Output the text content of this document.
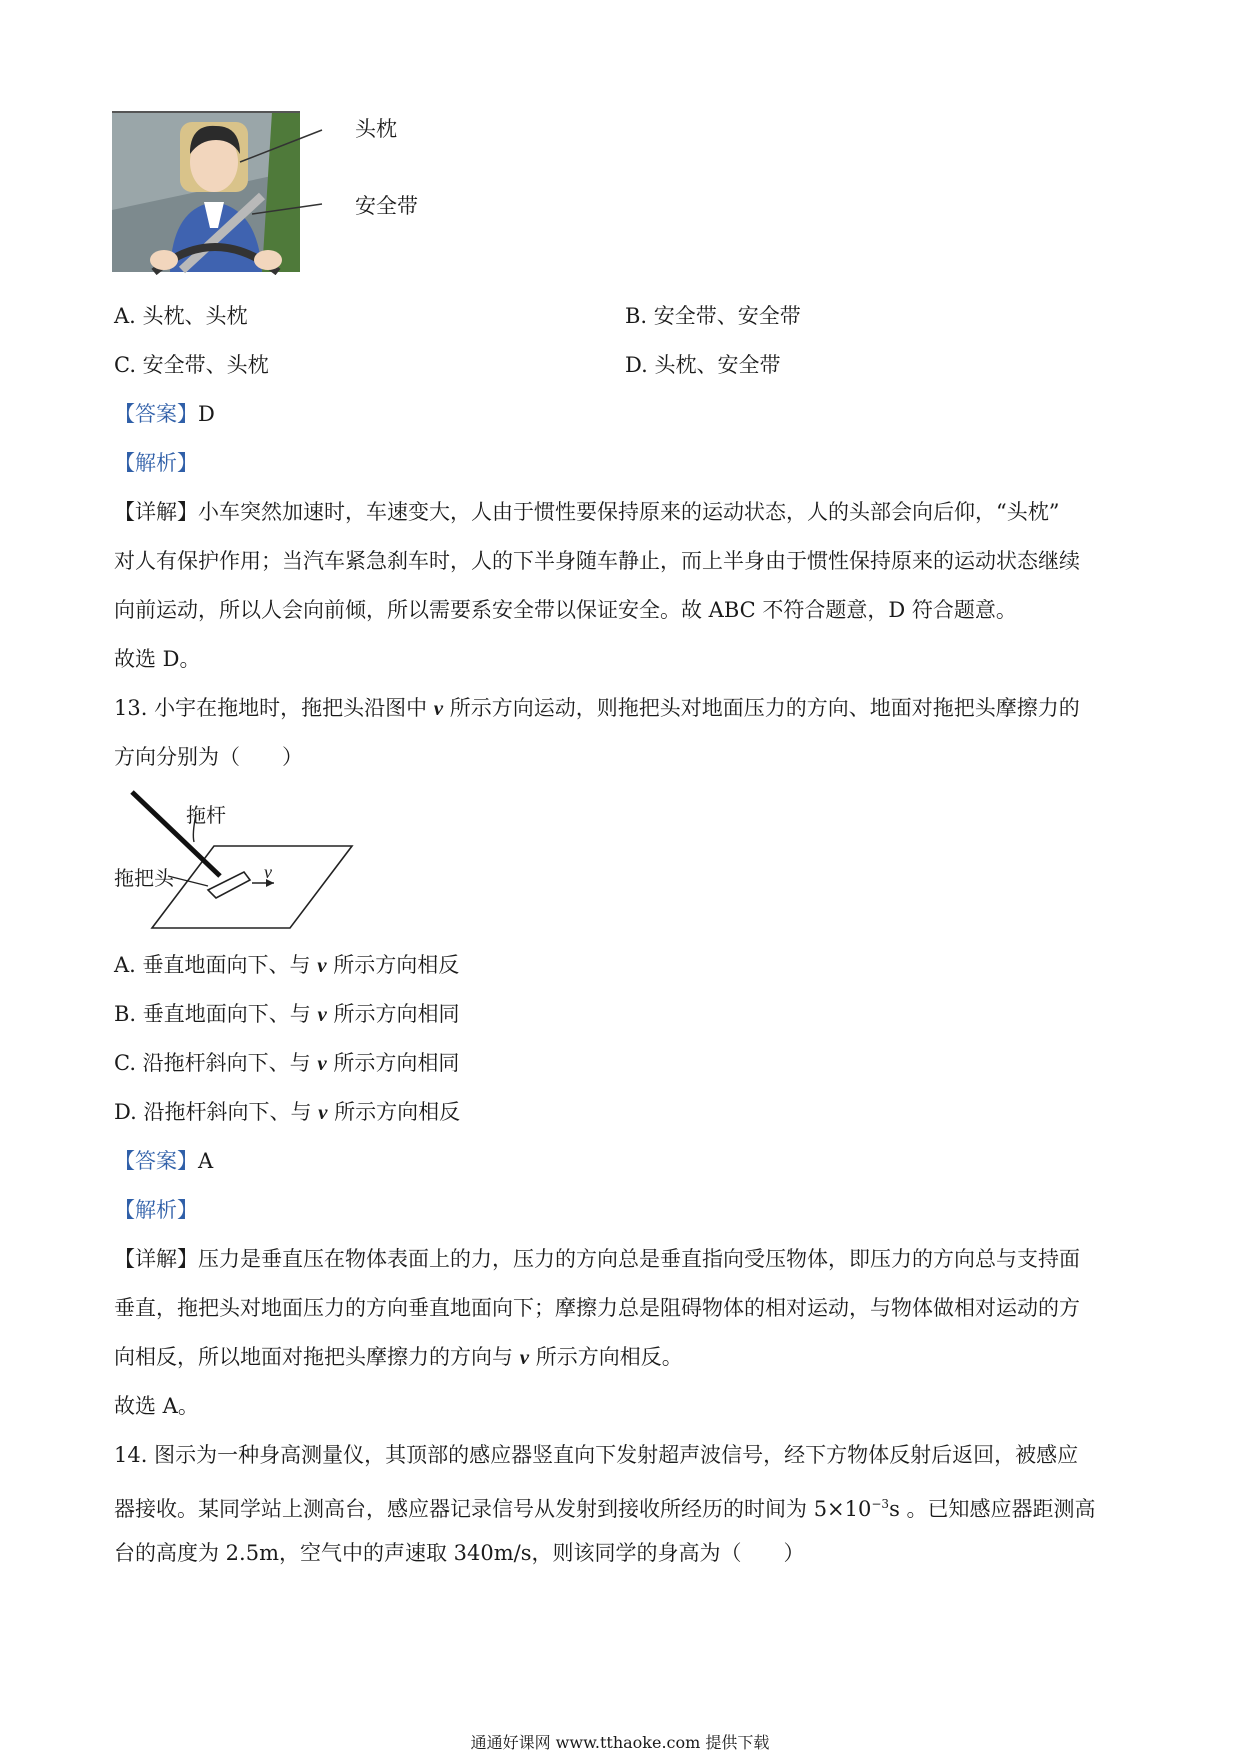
头枕
安全带
A. 头枕、头枕	B. 安全带、安全带
C. 安全带、头枕	D. 头枕、安全带
【答案】D
【解析】
【详解】小车突然加速时，车速变大，人由于惯性要保持原来的运动状态，人的头部会向后仰，“头枕”
对人有保护作用；当汽车紧急刹车时，人的下半身随车静止，而上半身由于惯性保持原来的运动状态继续
向前运动，所以人会向前倾，所以需要系安全带以保证安全。故 ABC 不符合题意，D 符合题意。
故选 D。
13. 小宇在拖地时，拖把头沿图中 v 所示方向运动，则拖把头对地面压力的方向、地面对拖把头摩擦力的
方向分别为（　　）
拖杆
拖把头	v
A. 垂直地面向下、与 v 所示方向相反
B. 垂直地面向下、与 v 所示方向相同
C. 沿拖杆斜向下、与 v 所示方向相同
D. 沿拖杆斜向下、与 v 所示方向相反
【答案】A
【解析】
【详解】压力是垂直压在物体表面上的力，压力的方向总是垂直指向受压物体，即压力的方向总与支持面
垂直，拖把头对地面压力的方向垂直地面向下；摩擦力总是阻碍物体的相对运动，与物体做相对运动的方
向相反，所以地面对拖把头摩擦力的方向与 v 所示方向相反。
故选 A。
14. 图示为一种身高测量仪，其顶部的感应器竖直向下发射超声波信号，经下方物体反射后返回，被感应
器接收。某同学站上测高台，感应器记录信号从发射到接收所经历的时间为 $5\times 10^{-3}s$ 。已知感应器距测高
台的高度为 2.5m，空气中的声速取 340m/s，则该同学的身高为（　　）
通通好课网 www.tthaoke.com 提供下载
